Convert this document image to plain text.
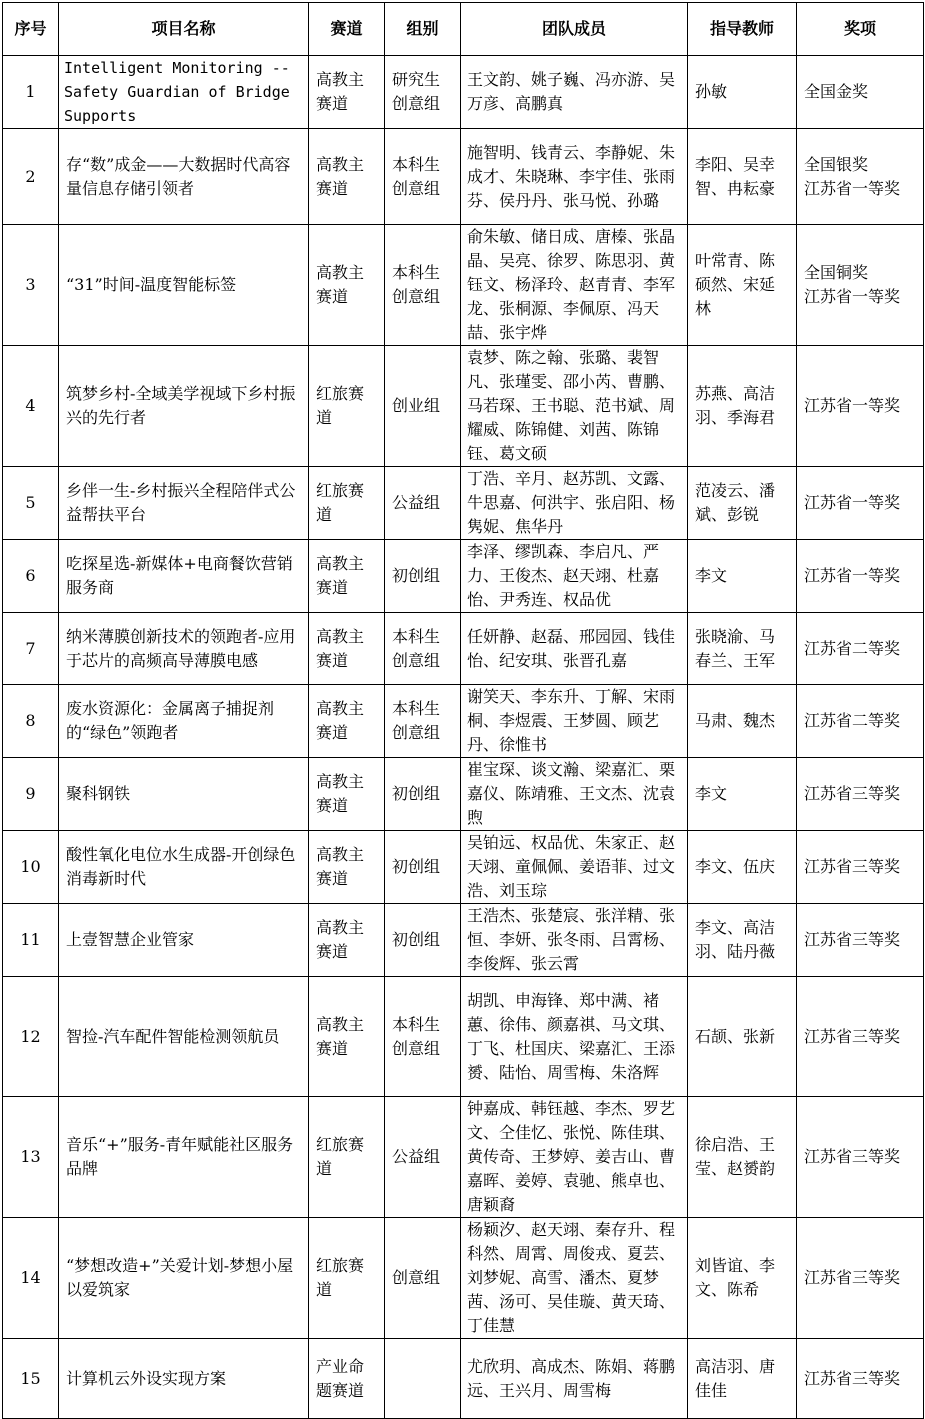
序号	项目名称	赛道	组别	团队成员	指导教师	奖项
1	Intelligent Monitoring -- Safety Guardian of Bridge Supports	高教主赛道	研究生创意组	王文韵、姚子巍、冯亦游、吴万彦、高鹏真	孙敏	全国金奖
2	存“数”成金——大数据时代高容量信息存储引领者	高教主赛道	本科生创意组	施智明、钱青云、李静妮、朱成才、朱晓琳、李宇佳、张雨芬、侯丹丹、张马悦、孙璐	李阳、吴幸智、冉耘豪	全国银奖
江苏省一等奖
3	“31”时间-温度智能标签	高教主赛道	本科生创意组	俞朱敏、储日成、唐榛、张晶晶、吴亮、徐罗、陈思羽、黄钰文、杨泽玲、赵青青、李军龙、张桐源、李佩原、冯天喆、张宇烨	叶常青、陈硕然、宋延林	全国铜奖
江苏省一等奖
4	筑梦乡村-全域美学视域下乡村振兴的先行者	红旅赛道	创业组	袁梦、陈之翰、张璐、裴智凡、张瑾雯、邵小芮、曹鹏、马若琛、王书聪、范书斌、周耀威、陈锦健、刘茜、陈锦钰、葛文硕	苏燕、高洁羽、季海君	江苏省一等奖
5	乡伴一生-乡村振兴全程陪伴式公益帮扶平台	红旅赛道	公益组	丁浩、辛月、赵苏凯、文露、牛思嘉、何洪宇、张启阳、杨隽妮、焦华丹	范凌云、潘斌、彭锐	江苏省一等奖
6	吃探星选-新媒体+电商餐饮营销服务商	高教主赛道	初创组	李泽、缪凯森、李启凡、严力、王俊杰、赵天翊、杜嘉怡、尹秀连、权品优	李文	江苏省一等奖
7	纳米薄膜创新技术的领跑者-应用于芯片的高频高导薄膜电感	高教主赛道	本科生创意组	任妍静、赵磊、邢园园、钱佳怡、纪安琪、张晋孔嘉	张晓渝、马春兰、王军	江苏省二等奖
8	废水资源化：金属离子捕捉剂的“绿色”领跑者	高教主赛道	本科生创意组	谢笑天、李东升、丁解、宋雨桐、李煜震、王梦圆、顾艺丹、徐惟书	马肃、魏杰	江苏省二等奖
9	聚科钢铁	高教主赛道	初创组	崔宝琛、谈文瀚、梁嘉汇、栗嘉仪、陈靖雅、王文杰、沈袁煦	李文	江苏省三等奖
10	酸性氧化电位水生成器-开创绿色消毒新时代	高教主赛道	初创组	吴铂远、权品优、朱家正、赵天翊、童佩佩、姜语菲、过文浩、刘玉琮	李文、伍庆	江苏省三等奖
11	上壹智慧企业管家	高教主赛道	初创组	王浩杰、张楚宸、张洋精、张恒、李妍、张冬雨、吕霄杨、李俊辉、张云霄	李文、高洁羽、陆丹薇	江苏省三等奖
12	智捡-汽车配件智能检测领航员	高教主赛道	本科生创意组	胡凯、申海锋、郑中满、褚蕙、徐伟、颜嘉祺、马文琪、丁飞、杜国庆、梁嘉汇、王添赟、陆怡、周雪梅、朱洛辉	石颉、张新	江苏省三等奖
13	音乐“+”服务-青年赋能社区服务品牌	红旅赛道	公益组	钟嘉成、韩钰越、李杰、罗艺文、仝佳忆、张悦、陈佳琪、黄传奇、王梦婷、姜吉山、曹嘉晖、姜婷、袁驰、熊卓也、唐颖裔	徐启浩、王莹、赵赟韵	江苏省三等奖
14	“梦想改造+”关爱计划-梦想小屋以爱筑家	红旅赛道	创意组	杨颖汐、赵天翊、秦存升、程科然、周霄、周俊戎、夏芸、刘梦妮、高雪、潘杰、夏梦茜、汤可、吴佳璇、黄天琦、丁佳慧	刘皆谊、李文、陈希	江苏省三等奖
15	计算机云外设实现方案	产业命题赛道		尤欣玥、高成杰、陈娟、蒋鹏远、王兴月、周雪梅	高洁羽、唐佳佳	江苏省三等奖
